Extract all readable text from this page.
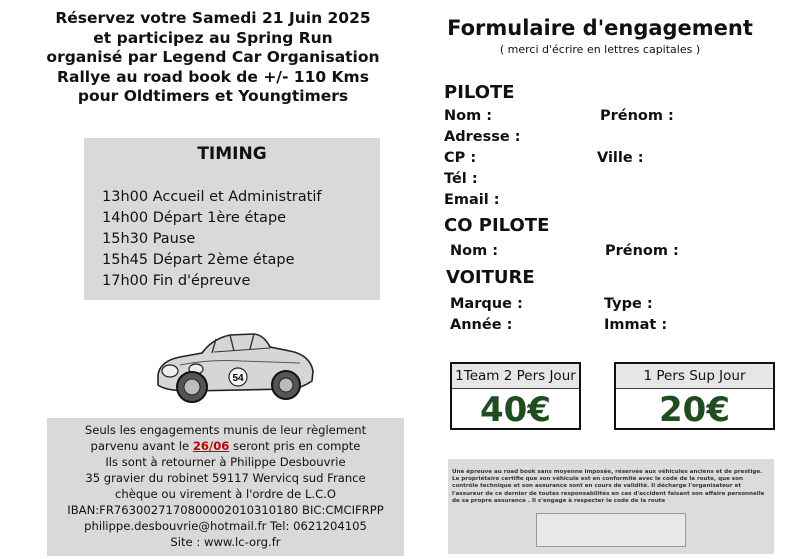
Réservez votre Samedi 21 Juin 2025
et participez au Spring Run
organisé par Legend Car Organisation
Rallye au road book de +/- 110 Kms
pour Oldtimers et Youngtimers
TIMING
13h00 Accueil et Administratif
14h00 Départ 1ère étape
15h30 Pause
15h45 Départ 2ème étape
17h00 Fin d'épreuve
54
Seuls les engagements munis de leur règlement
parvenu avant le 26/06 seront pris en compte
Ils sont à retourner à Philippe Desbouvrie
35 gravier du robinet 59117 Wervicq sud France
chèque ou virement à l'ordre de L.C.O
IBAN:FR7630027170800002010310180 BIC:CMCIFRPP
philippe.desbouvrie@hotmail.fr Tel: 0621204105
Site : www.lc-org.fr
Formulaire d'engagement
( merci d'écrire en lettres capitales )
PILOTE
Nom :	Prénom :
Adresse :
CP :	Ville :
Tél :
Email :
CO PILOTE
Nom :	Prénom :
VOITURE
Marque :	Type :
Année :	Immat :
1Team 2 Pers Jour
40€
1 Pers Sup Jour
20€
Une épreuve au road book sans moyenne imposée, réservée aux véhicules anciens et de prestige. Le propriétaire certifie que son véhicule est en conformité avec le code de la route, que son contrôle technique et son assurance sont en cours de validité. Il décharge l'organisateur et l'assureur de ce dernier de toutes responsabilités en cas d'accident faisant son affaire personnelle de sa propre assurance . Il s'engage à respecter le code de la route
